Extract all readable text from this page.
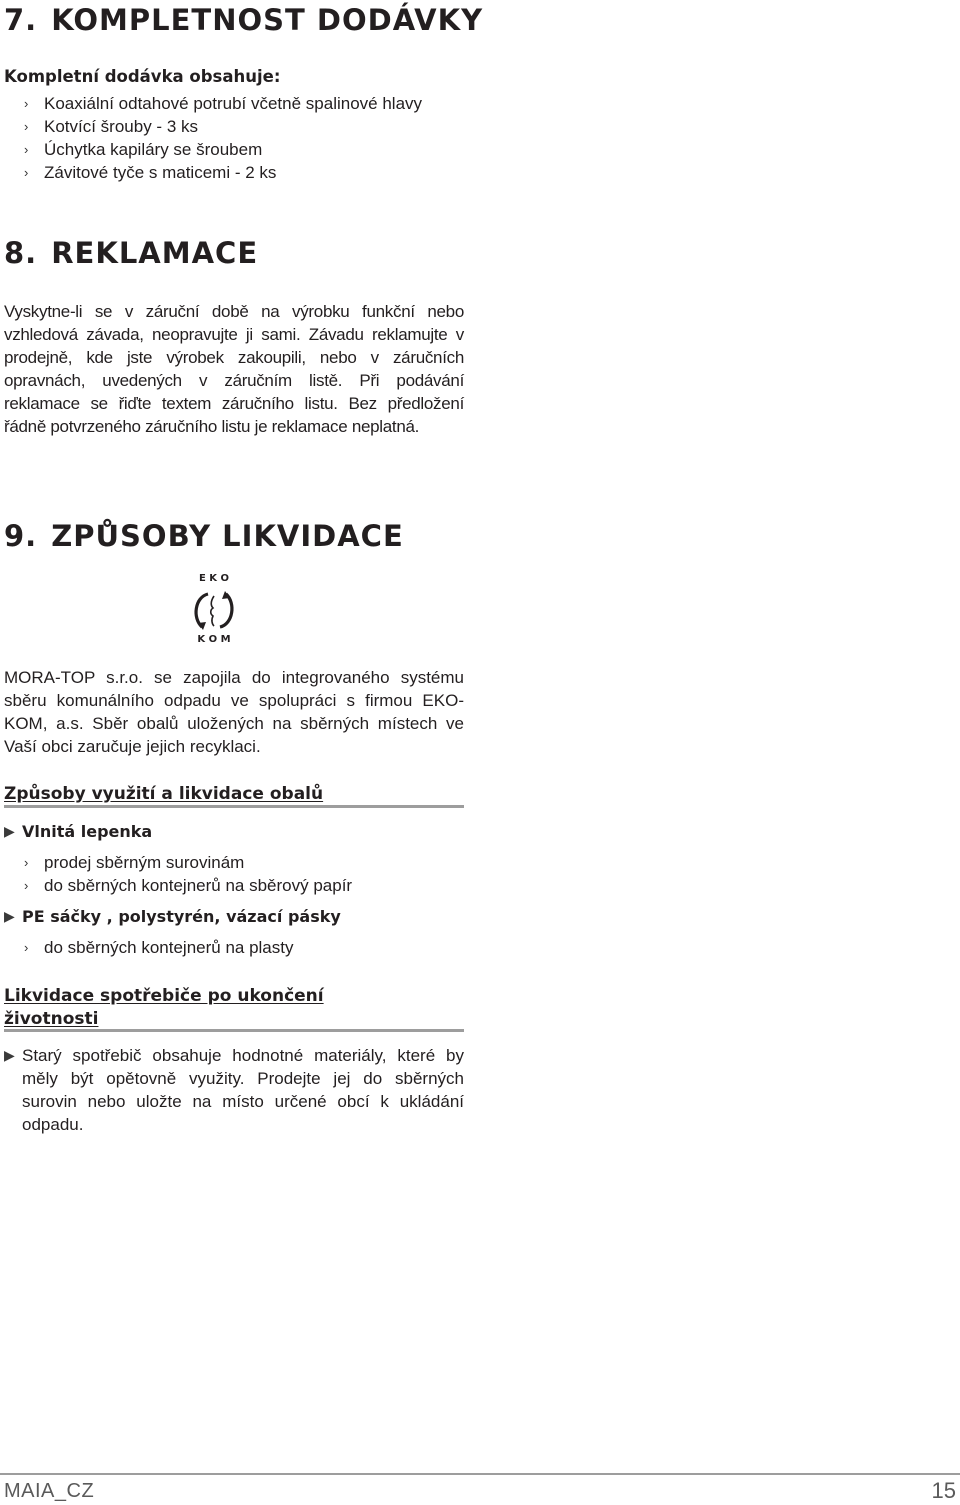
7. KOMPLETNOST DODÁVKY
Kompletní dodávka obsahuje:
› Koaxiální odtahové potrubí včetně spalinové hlavy
› Kotvící šrouby - 3 ks
› Úchytka kapiláry se šroubem
› Závitové tyče s maticemi - 2 ks
8. REKLAMACE

Vyskytne-li se v záruční době na výrobku funkční nebo vzhledová závada, neopravujte ji sami. Závadu reklamujte v prodejně, kde jste výrobek zakoupili, nebo v záručních opravnách, uvedených v záručním listě. Při podávání reklamace se řiďte textem záručního listu. Bez předložení řádně potvrzeného záručního listu je reklamace neplatná.

9. ZPŮSOBY LIKVIDACE
E K O
K O M

MORA-TOP s.r.o. se zapojila do integrovaného systému sběru komunálního odpadu ve spolupráci s firmou EKO-KOM, a.s. Sběr obalů uložených na sběrných místech ve Vaší obci zaručuje jejich recyklaci.

Způsoby využití a likvidace obalů
▶ Vlnitá lepenka
› prodej sběrným surovinám
› do sběrných kontejnerů na sběrový papír
▶ PE sáčky , polystyrén, vázací pásky
› do sběrných kontejnerů na plasty
Likvidace spotřebiče po ukončení životnosti
▶ Starý spotřebič obsahuje hodnotné materiály, které by měly být opětovně využity. Prodejte jej do sběrných surovin nebo uložte na místo určené obcí k ukládání odpadu.
MAIA_CZ	15
